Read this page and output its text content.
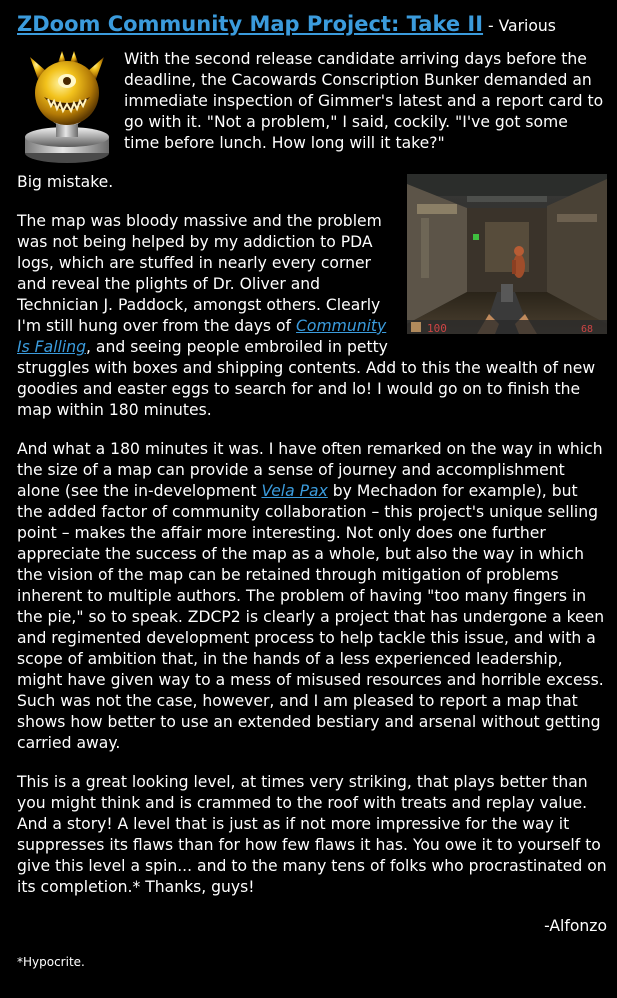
ZDoom Community Map Project: Take II - Various

With the second release candidate arriving days before the deadline, the Cacowards Conscription Bunker demanded an immediate inspection of Gimmer's latest and a report card to go with it. "Not a problem," I said, cockily. "I've got some time before lunch. How long will it take?"

100	68

Big mistake.

The map was bloody massive and the problem was not being helped by my addiction to PDA logs, which are stuffed in nearly every corner and reveal the plights of Dr. Oliver and Technician J. Paddock, amongst others. Clearly I'm still hung over from the days of Community Is Falling, and seeing people embroiled in petty struggles with boxes and shipping contents. Add to this the wealth of new goodies and easter eggs to search for and lo! I would go on to finish the map within 180 minutes.

And what a 180 minutes it was. I have often remarked on the way in which the size of a map can provide a sense of journey and accomplishment alone (see the in-development Vela Pax by Mechadon for example), but the added factor of community collaboration – this project's unique selling point – makes the affair more interesting. Not only does one further appreciate the success of the map as a whole, but also the way in which the vision of the map can be retained through mitigation of problems inherent to multiple authors. The problem of having "too many fingers in the pie," so to speak. ZDCP2 is clearly a project that has undergone a keen and regimented development process to help tackle this issue, and with a scope of ambition that, in the hands of a less experienced leadership, might have given way to a mess of misused resources and horrible excess. Such was not the case, however, and I am pleased to report a map that shows how better to use an extended bestiary and arsenal without getting carried away.

This is a great looking level, at times very striking, that plays better than you might think and is crammed to the roof with treats and replay value. And a story! A level that is just as if not more impressive for the way it suppresses its flaws than for how few flaws it has. You owe it to yourself to give this level a spin... and to the many tens of folks who procrastinated on its completion.* Thanks, guys!

-Alfonzo

*Hypocrite.
